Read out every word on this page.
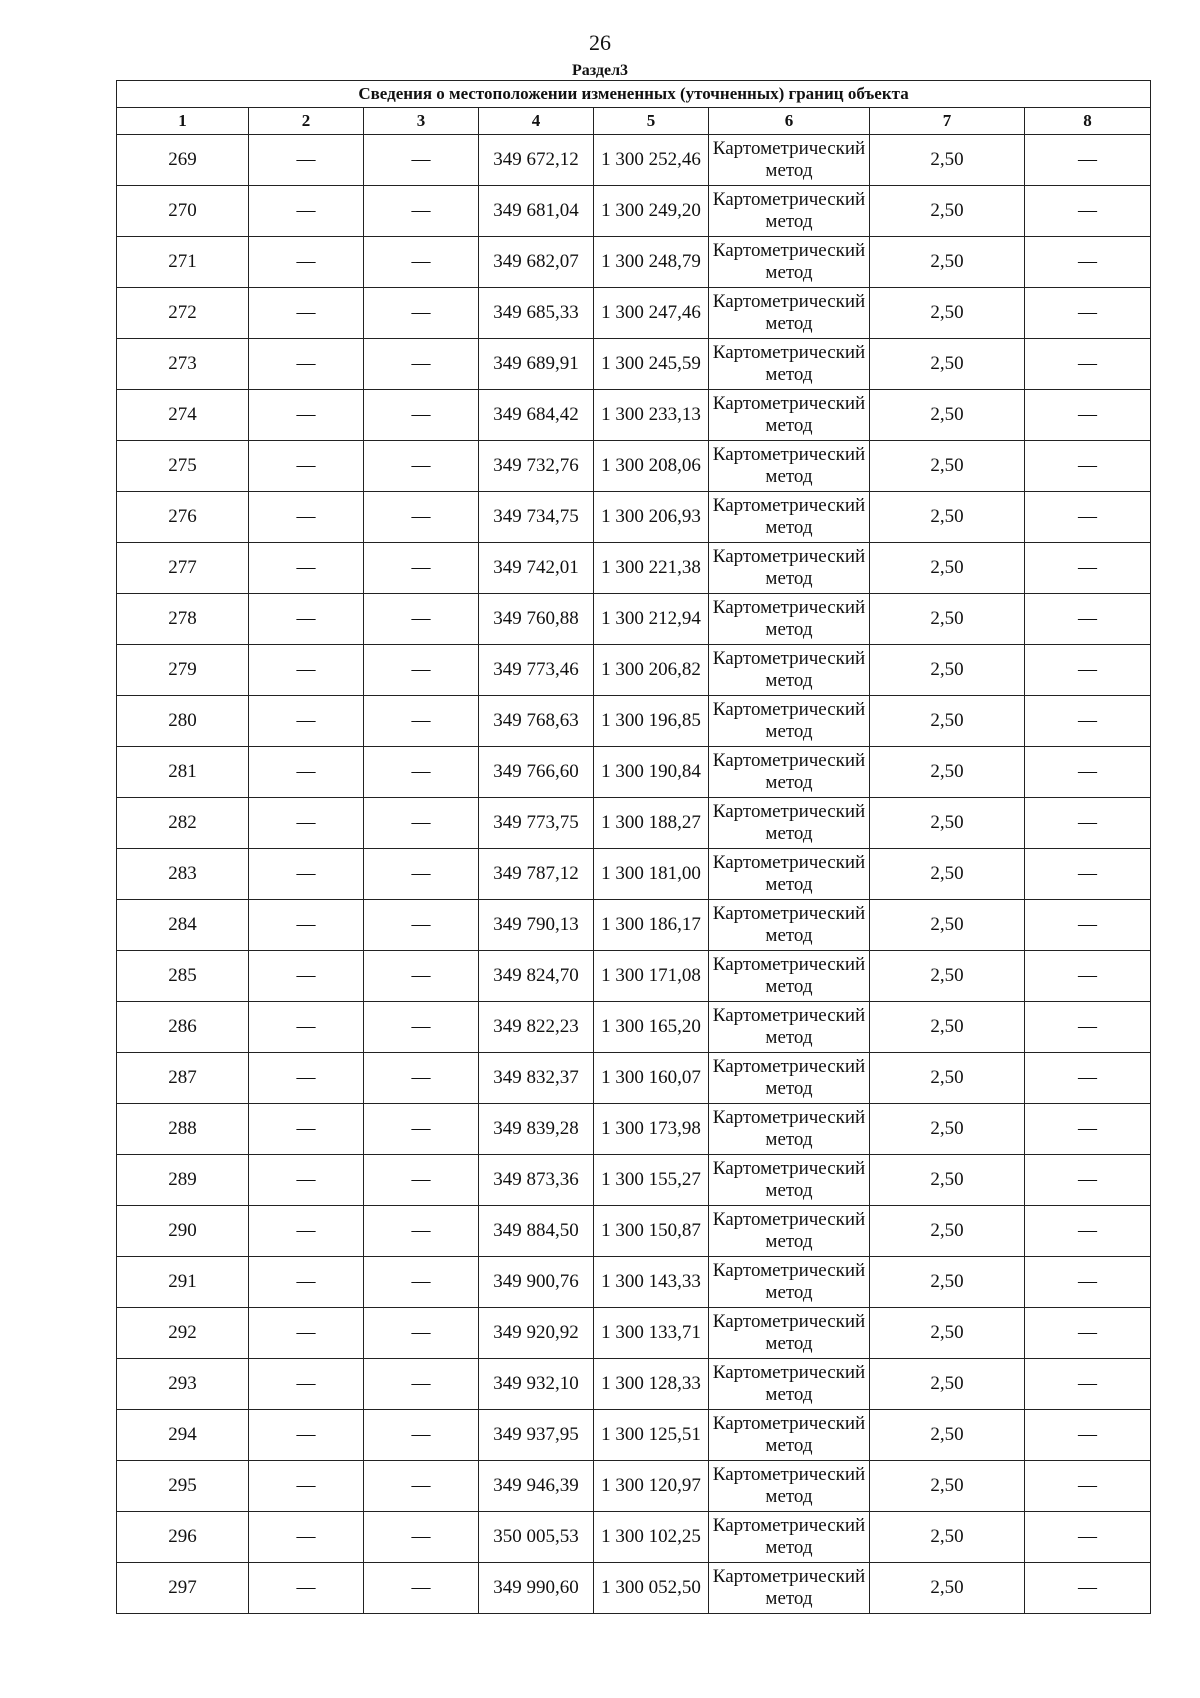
26
Раздел3
Сведения о местоположении измененных (уточненных) границ объекта							
1	2	3	4	5	6	7	8
269	—	—	349 672,12	1 300 252,46	Картометрический метод	2,50	—
270	—	—	349 681,04	1 300 249,20	Картометрический метод	2,50	—
271	—	—	349 682,07	1 300 248,79	Картометрический метод	2,50	—
272	—	—	349 685,33	1 300 247,46	Картометрический метод	2,50	—
273	—	—	349 689,91	1 300 245,59	Картометрический метод	2,50	—
274	—	—	349 684,42	1 300 233,13	Картометрический метод	2,50	—
275	—	—	349 732,76	1 300 208,06	Картометрический метод	2,50	—
276	—	—	349 734,75	1 300 206,93	Картометрический метод	2,50	—
277	—	—	349 742,01	1 300 221,38	Картометрический метод	2,50	—
278	—	—	349 760,88	1 300 212,94	Картометрический метод	2,50	—
279	—	—	349 773,46	1 300 206,82	Картометрический метод	2,50	—
280	—	—	349 768,63	1 300 196,85	Картометрический метод	2,50	—
281	—	—	349 766,60	1 300 190,84	Картометрический метод	2,50	—
282	—	—	349 773,75	1 300 188,27	Картометрический метод	2,50	—
283	—	—	349 787,12	1 300 181,00	Картометрический метод	2,50	—
284	—	—	349 790,13	1 300 186,17	Картометрический метод	2,50	—
285	—	—	349 824,70	1 300 171,08	Картометрический метод	2,50	—
286	—	—	349 822,23	1 300 165,20	Картометрический метод	2,50	—
287	—	—	349 832,37	1 300 160,07	Картометрический метод	2,50	—
288	—	—	349 839,28	1 300 173,98	Картометрический метод	2,50	—
289	—	—	349 873,36	1 300 155,27	Картометрический метод	2,50	—
290	—	—	349 884,50	1 300 150,87	Картометрический метод	2,50	—
291	—	—	349 900,76	1 300 143,33	Картометрический метод	2,50	—
292	—	—	349 920,92	1 300 133,71	Картометрический метод	2,50	—
293	—	—	349 932,10	1 300 128,33	Картометрический метод	2,50	—
294	—	—	349 937,95	1 300 125,51	Картометрический метод	2,50	—
295	—	—	349 946,39	1 300 120,97	Картометрический метод	2,50	—
296	—	—	350 005,53	1 300 102,25	Картометрический метод	2,50	—
297	—	—	349 990,60	1 300 052,50	Картометрический метод	2,50	—
